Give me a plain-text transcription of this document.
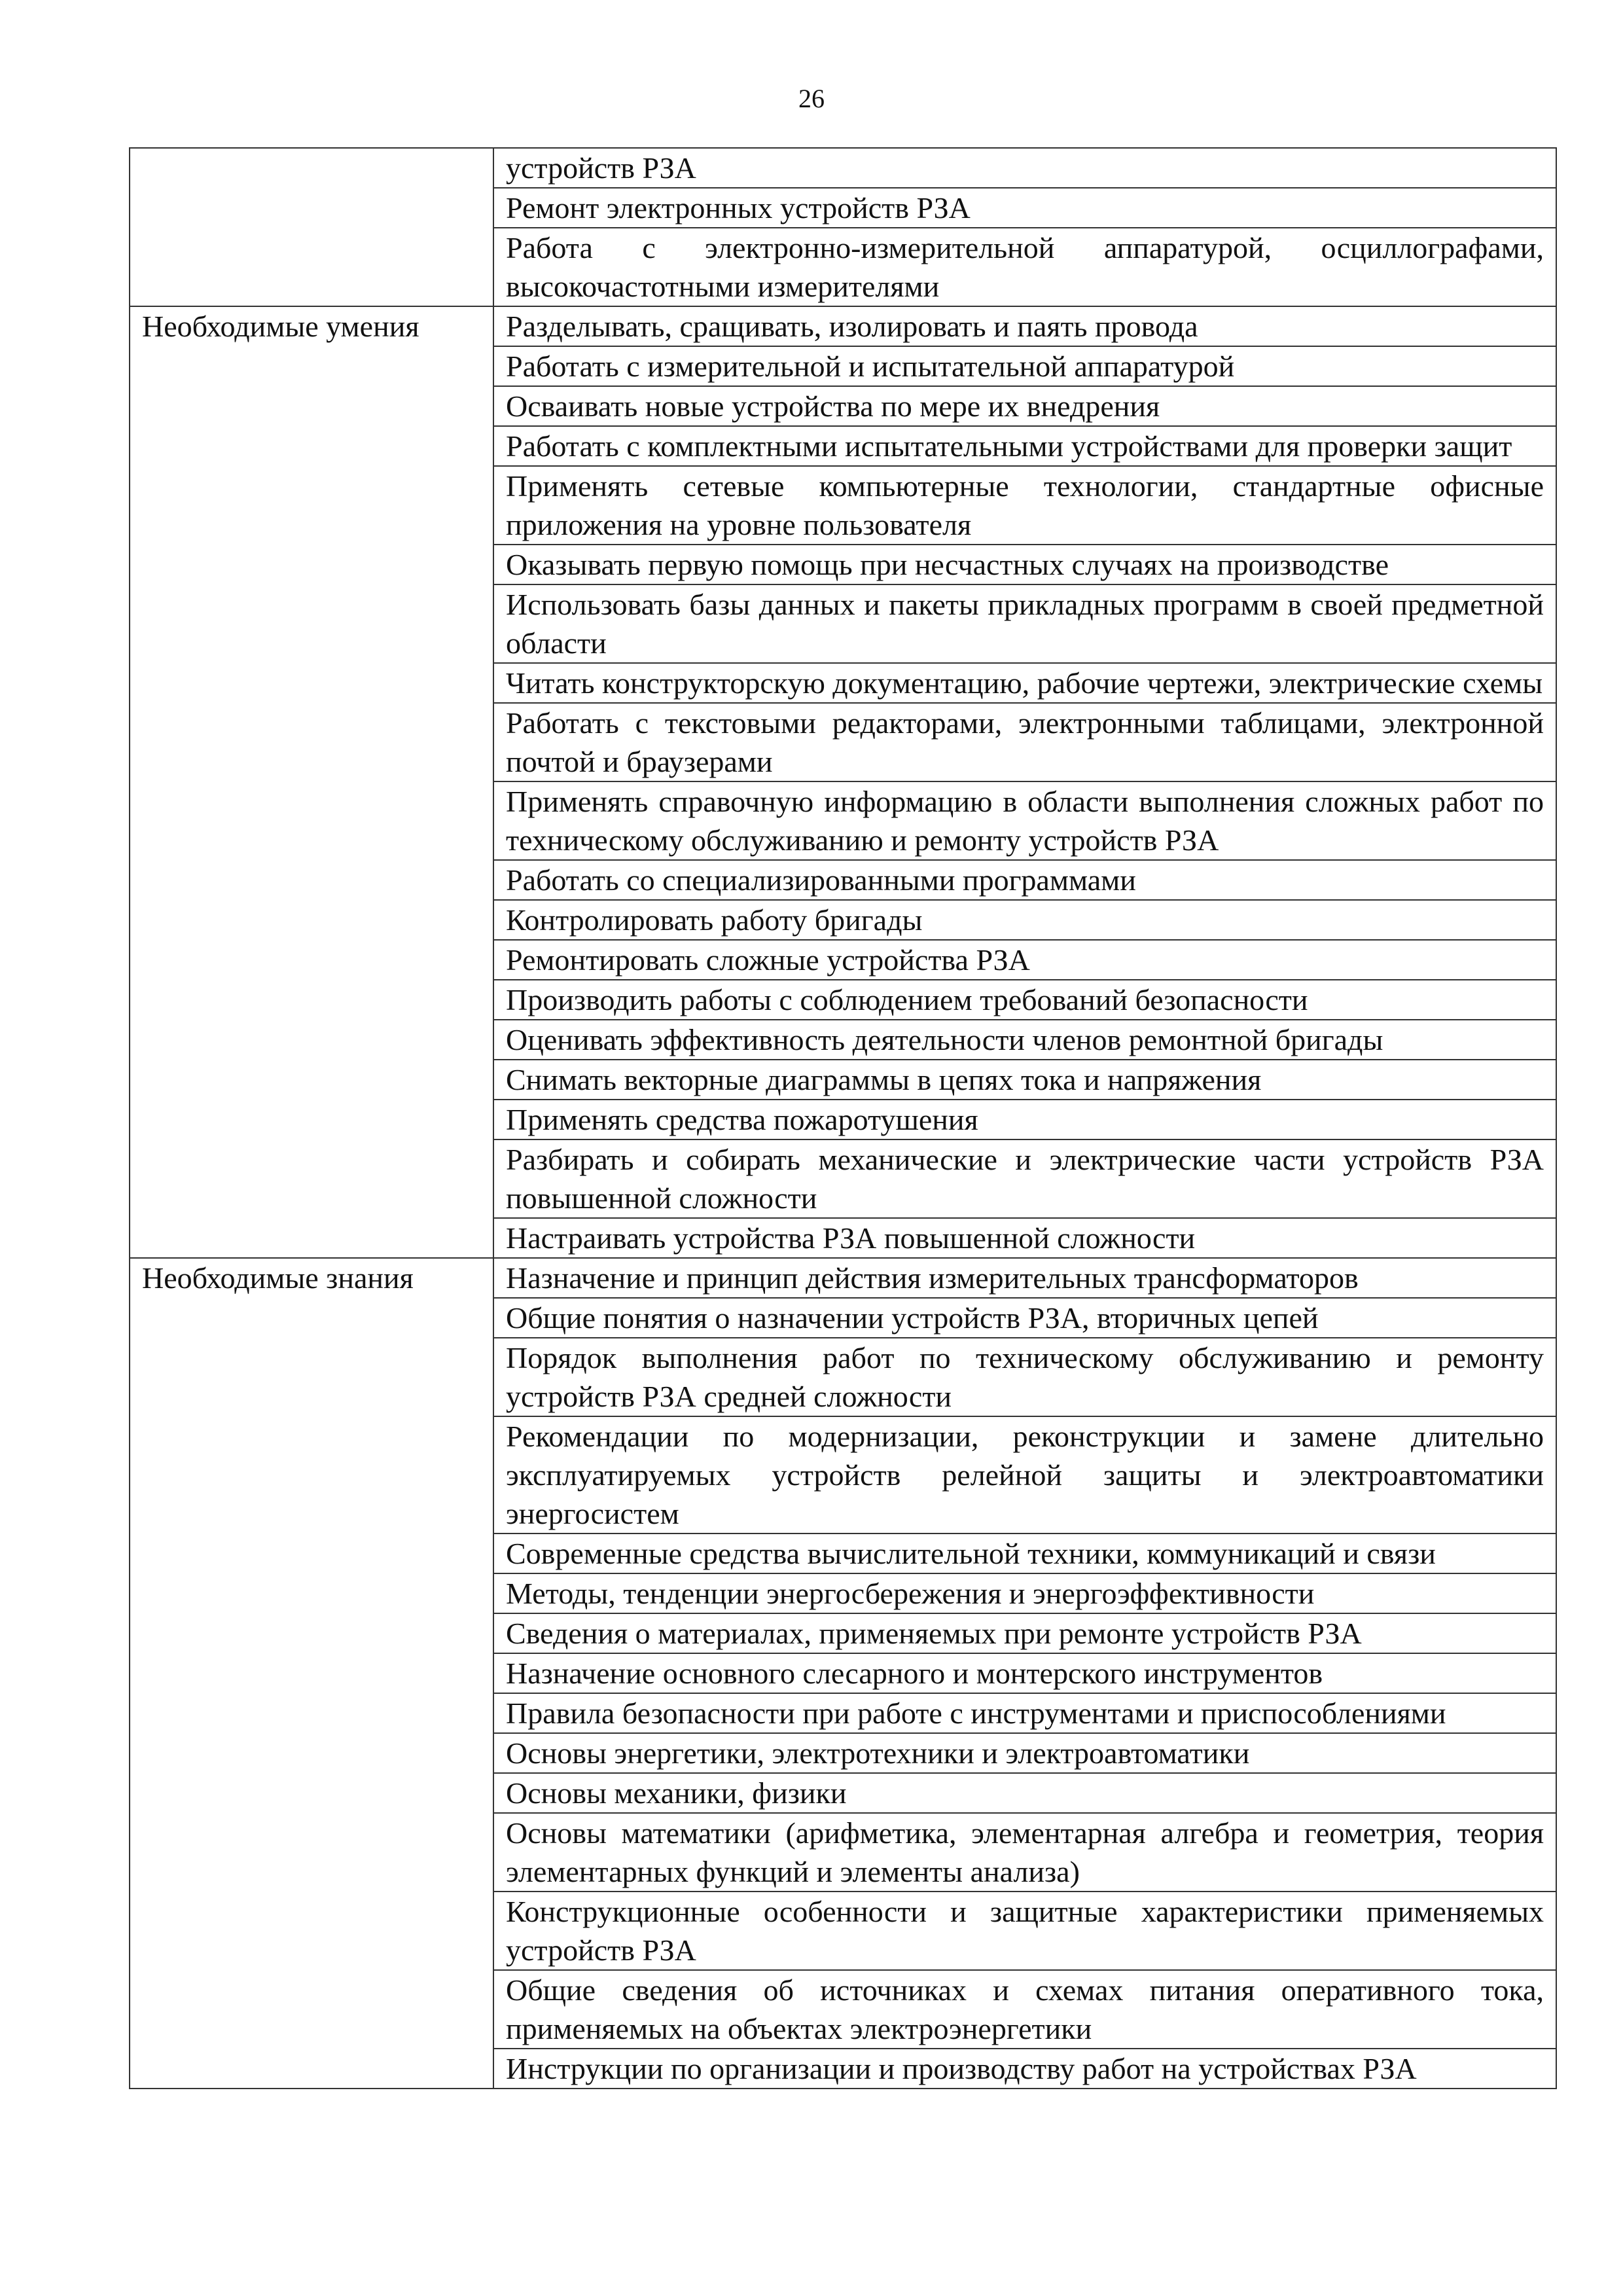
26
	устройств РЗА
	Ремонт электронных устройств РЗА
	Работа с электронно-измерительной аппаратурой, осциллографами, высокочастотными измерителями
Необходимые умения	Разделывать, сращивать, изолировать и паять провода
	Работать с измерительной и испытательной аппаратурой
	Осваивать новые устройства по мере их внедрения
	Работать с комплектными испытательными устройствами для проверки защит
	Применять сетевые компьютерные технологии, стандартные офисные приложения на уровне пользователя
	Оказывать первую помощь при несчастных случаях на производстве
	Использовать базы данных и пакеты прикладных программ в своей предметной области
	Читать конструкторскую документацию, рабочие чертежи, электрические схемы
	Работать с текстовыми редакторами, электронными таблицами, электронной почтой и браузерами
	Применять справочную информацию в области выполнения сложных работ по техническому обслуживанию и ремонту устройств РЗА
	Работать со специализированными программами
	Контролировать работу бригады
	Ремонтировать сложные устройства РЗА
	Производить работы с соблюдением требований безопасности
	Оценивать эффективность деятельности членов ремонтной бригады
	Снимать векторные диаграммы в цепях тока и напряжения
	Применять средства пожаротушения
	Разбирать и собирать механические и электрические части устройств РЗА повышенной сложности
	Настраивать устройства РЗА повышенной сложности
Необходимые знания	Назначение и принцип действия измерительных трансформаторов
	Общие понятия о назначении устройств РЗА, вторичных цепей
	Порядок выполнения работ по техническому обслуживанию и ремонту устройств РЗА средней сложности
	Рекомендации по модернизации, реконструкции и замене длительно эксплуатируемых устройств релейной защиты и электроавтоматики энергосистем
	Современные средства вычислительной техники, коммуникаций и связи
	Методы, тенденции энергосбережения и энергоэффективности
	Сведения о материалах, применяемых при ремонте устройств РЗА
	Назначение основного слесарного и монтерского инструментов
	Правила безопасности при работе с инструментами и приспособлениями
	Основы энергетики, электротехники и электроавтоматики
	Основы механики, физики
	Основы математики (арифметика, элементарная алгебра и геометрия, теория элементарных функций и элементы анализа)
	Конструкционные особенности и защитные характеристики применяемых устройств РЗА
	Общие сведения об источниках и схемах питания оперативного тока, применяемых на объектах электроэнергетики
	Инструкции по организации и производству работ на устройствах РЗА
